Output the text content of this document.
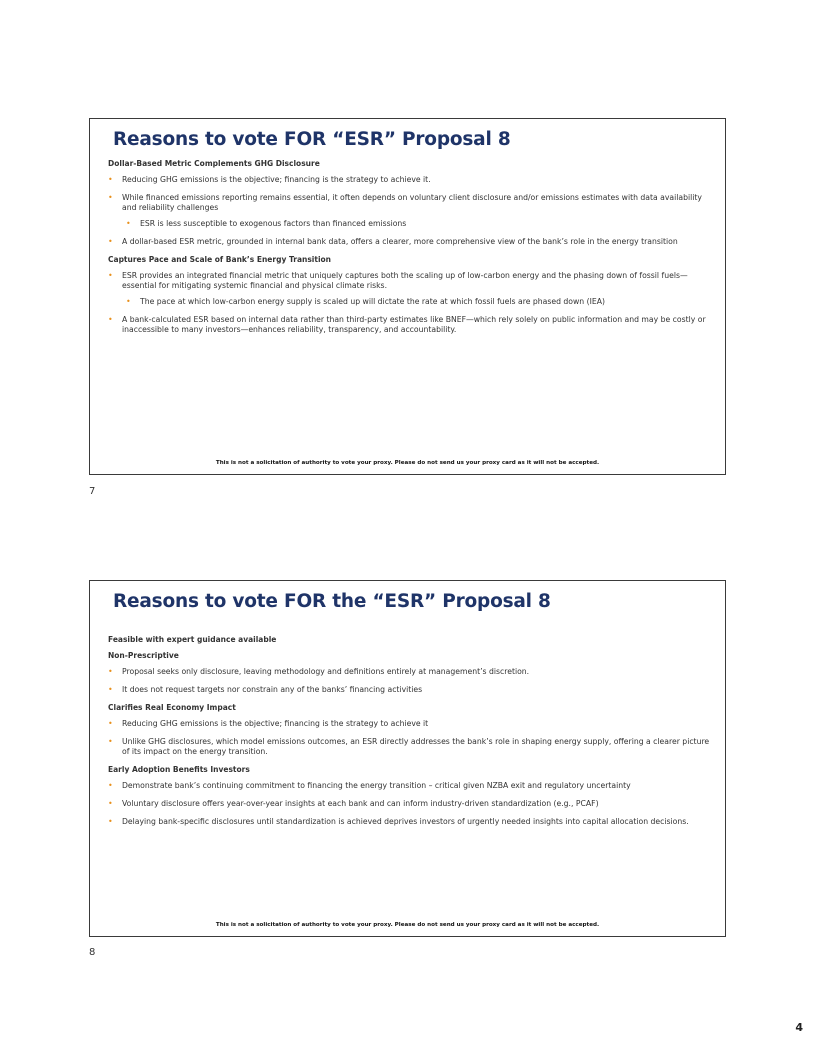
Reasons to vote FOR “ESR” Proposal 8
Dollar-Based Metric Complements GHG Disclosure
• Reducing GHG emissions is the objective; financing is the strategy to achieve it.
• While financed emissions reporting remains essential, it often depends on voluntary client disclosure and/or emissions estimates with data availability and reliability challenges
• ESR is less susceptible to exogenous factors than financed emissions
• A dollar-based ESR metric, grounded in internal bank data, offers a clearer, more comprehensive view of the bank’s role in the energy transition
Captures Pace and Scale of Bank’s Energy Transition
• ESR provides an integrated financial metric that uniquely captures both the scaling up of low-carbon energy and the phasing down of fossil fuels—essential for mitigating systemic financial and physical climate risks.
• The pace at which low-carbon energy supply is scaled up will dictate the rate at which fossil fuels are phased down (IEA)
• A bank-calculated ESR based on internal data rather than third-party estimates like BNEF—which rely solely on public information and may be costly or inaccessible to many investors—enhances reliability, transparency, and accountability.
This is not a solicitation of authority to vote your proxy. Please do not send us your proxy card as it will not be accepted.
7
Reasons to vote FOR the “ESR” Proposal 8
Feasible with expert guidance available
Non-Prescriptive
• Proposal seeks only disclosure, leaving methodology and definitions entirely at management’s discretion.
• It does not request targets nor constrain any of the banks’ financing activities
Clarifies Real Economy Impact
• Reducing GHG emissions is the objective; financing is the strategy to achieve it
• Unlike GHG disclosures, which model emissions outcomes, an ESR directly addresses the bank’s role in shaping energy supply, offering a clearer picture of its impact on the energy transition.
Early Adoption Benefits Investors
• Demonstrate bank’s continuing commitment to financing the energy transition – critical given NZBA exit and regulatory uncertainty
• Voluntary disclosure offers year-over-year insights at each bank and can inform industry-driven standardization (e.g., PCAF)
• Delaying bank-specific disclosures until standardization is achieved deprives investors of urgently needed insights into capital allocation decisions.
This is not a solicitation of authority to vote your proxy. Please do not send us your proxy card as it will not be accepted.
8
4
